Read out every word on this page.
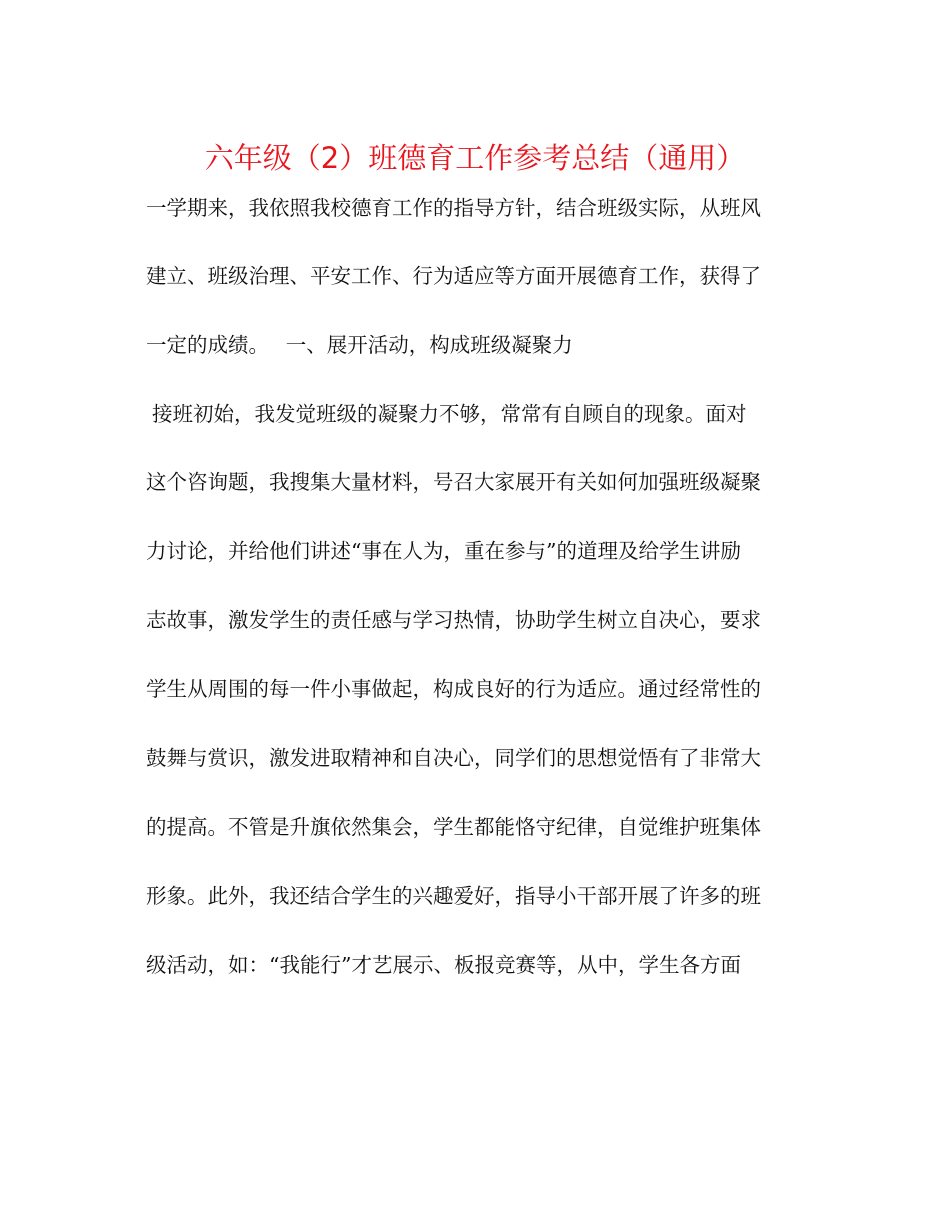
六年级（2）班德育工作参考总结（通用）
一学期来，我依照我校德育工作的指导方针，结合班级实际，从班风
建立、班级治理、平安工作、行为适应等方面开展德育工作，获得了
一定的成绩。　 一、展开活动，构成班级凝聚力
接班初始，我发觉班级的凝聚力不够，常常有自顾自的现象。面对
这个咨询题，我搜集大量材料，号召大家展开有关如何加强班级凝聚
力讨论，并给他们讲述“事在人为，重在参与”的道理及给学生讲励
志故事，激发学生的责任感与学习热情，协助学生树立自决心，要求
学生从周围的每一件小事做起，构成良好的行为适应。通过经常性的
鼓舞与赏识，激发进取精神和自决心，同学们的思想觉悟有了非常大
的提高。不管是升旗依然集会，学生都能恪守纪律，自觉维护班集体
形象。此外，我还结合学生的兴趣爱好，指导小干部开展了许多的班
级活动，如：“我能行”才艺展示、板报竞赛等，从中，学生各方面
